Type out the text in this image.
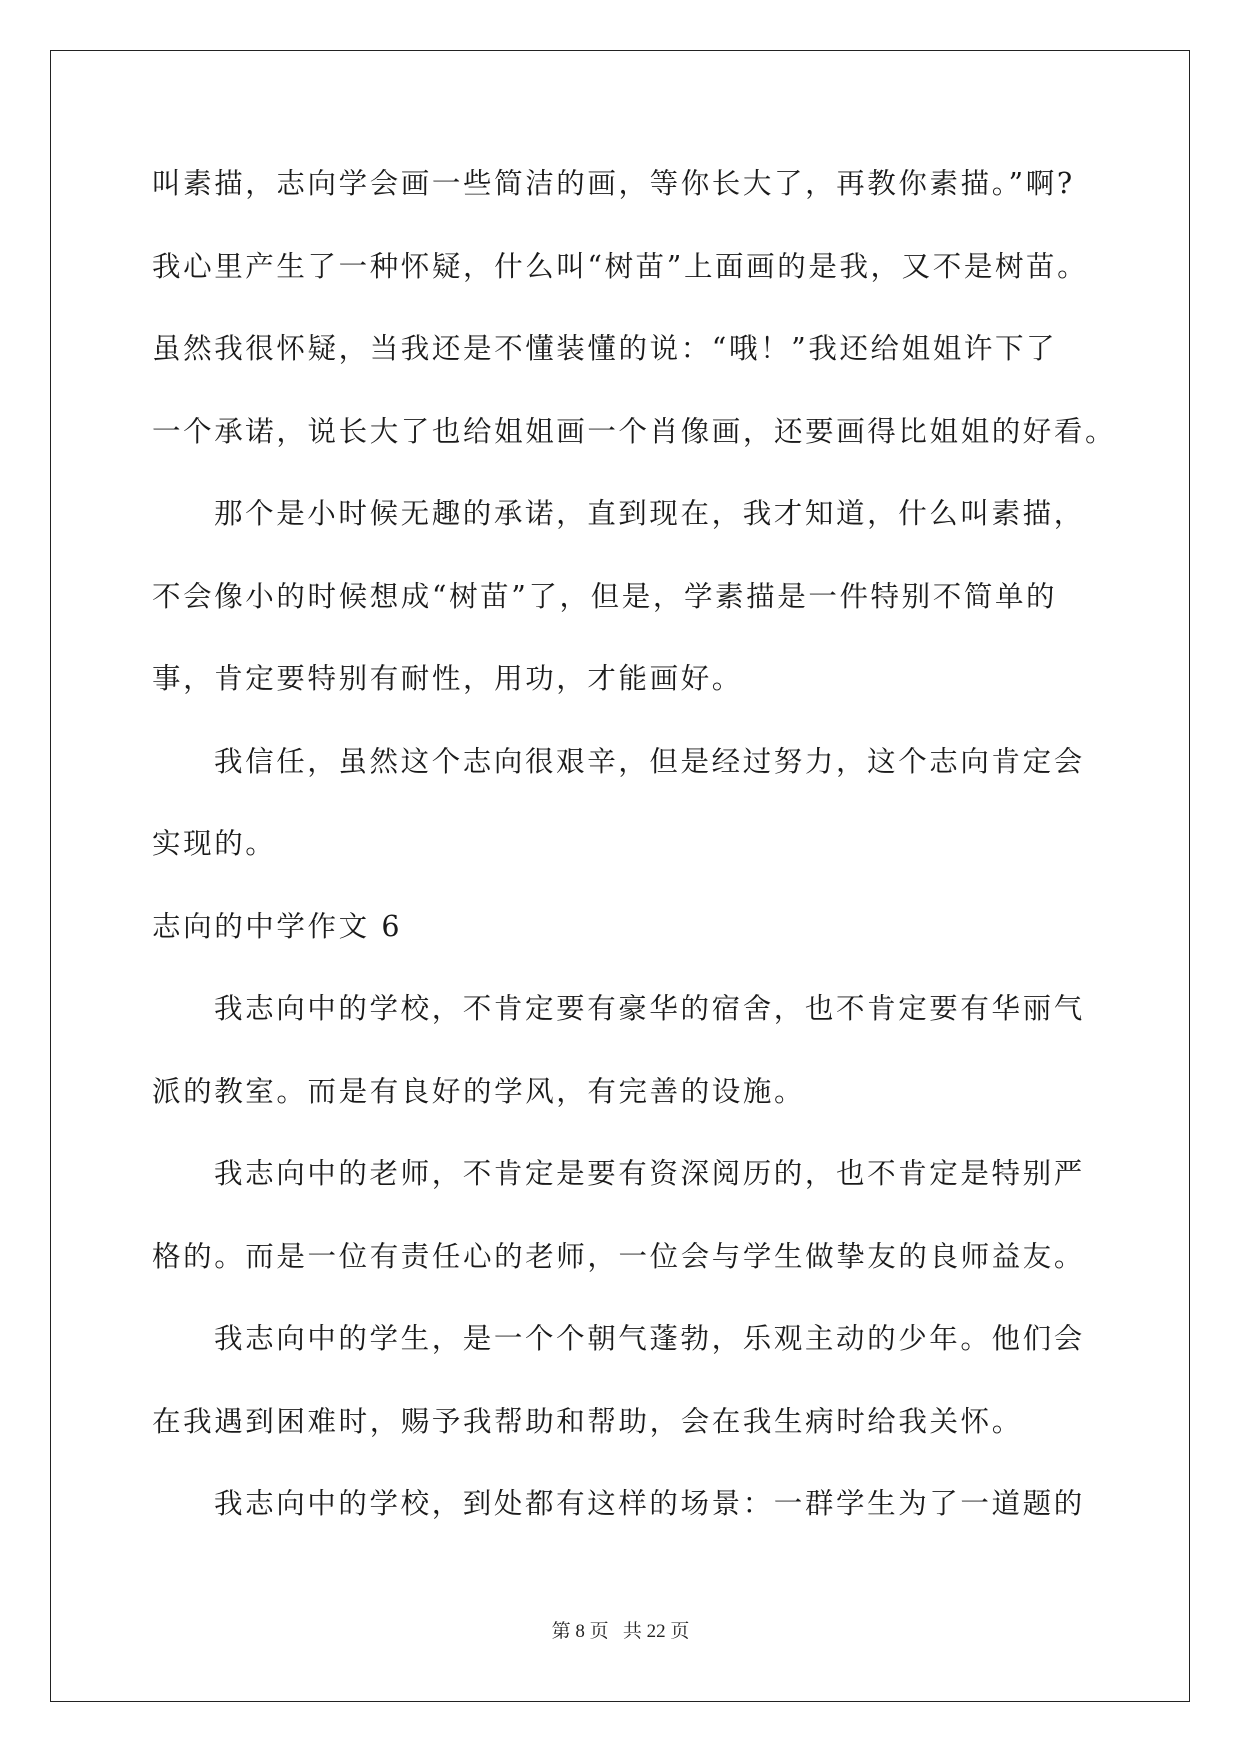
叫素描，志向学会画一些简洁的画，等你长大了，再教你素描。”啊?
我心里产生了一种怀疑，什么叫“树苗”上面画的是我，又不是树苗。
虽然我很怀疑，当我还是不懂装懂的说：“哦！”我还给姐姐许下了
一个承诺，说长大了也给姐姐画一个肖像画，还要画得比姐姐的好看。
那个是小时候无趣的承诺，直到现在，我才知道，什么叫素描，
不会像小的时候想成“树苗”了，但是，学素描是一件特别不简单的
事，肯定要特别有耐性，用功，才能画好。
我信任，虽然这个志向很艰辛，但是经过努力，这个志向肯定会
实现的。
志向的中学作文 6
我志向中的学校，不肯定要有豪华的宿舍，也不肯定要有华丽气
派的教室。而是有良好的学风，有完善的设施。
我志向中的老师，不肯定是要有资深阅历的，也不肯定是特别严
格的。而是一位有责任心的老师，一位会与学生做挚友的良师益友。
我志向中的学生，是一个个朝气蓬勃，乐观主动的少年。他们会
在我遇到困难时，赐予我帮助和帮助，会在我生病时给我关怀。
我志向中的学校，到处都有这样的场景：一群学生为了一道题的
第 8 页 共 22 页
